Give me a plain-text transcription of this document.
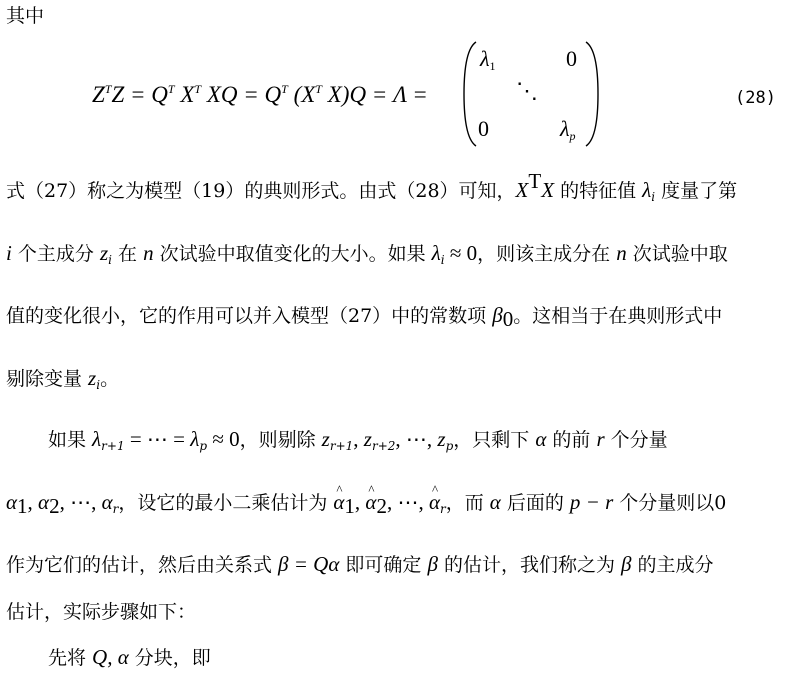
其中
$Z^TZ = Q^T$ $X^T$ XQ = $Q^T$ ($X^T$ X)Q = Λ =
$\lambda_1$	0
⋱
0	$\lambda_p$
(28)
式（27）称之为模型（19）的典则形式。由式（28）可知，$X^TX$ 的特征值 $\lambda_i$ 度量了第
i 个主成分 $z_i$ 在 n 次试验中取值变化的大小。如果 $\lambda_i \approx 0$，则该主成分在 n 次试验中取
值的变化很小，它的作用可以并入模型（27）中的常数项 $\beta_0$。这相当于在典则形式中
剔除变量 $z_i$。
如果 $\lambda_{r+1}$ = ⋯ = $\lambda_p \approx 0$，则剔除 $z_{r+1}$, $z_{r+2}$, ⋯, $z_p$，只剩下 α 的前 r 个分量
$\alpha_1$, $\alpha_2$, ⋯, $\alpha_r$，设它的最小二乘估计为 ^ $\alpha_1$, ^ $\alpha_2$, ⋯, ^ $\alpha_r$，而 α 后面的 p − r 个分量则以0
作为它们的估计，然后由关系式 β = Qα 即可确定 β 的估计，我们称之为 β 的主成分
估计，实际步骤如下：
先将 Q, α 分块，即
